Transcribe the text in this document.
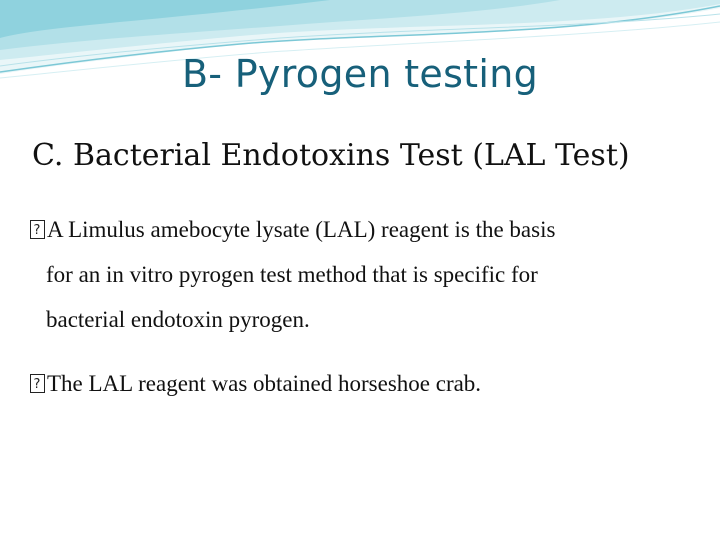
B- Pyrogen testing
C. Bacterial Endotoxins Test (LAL Test)
?A Limulus amebocyte lysate (LAL) reagent is the basis
for an in vitro pyrogen test method that is specific for
bacterial endotoxin pyrogen.
?The LAL reagent was obtained horseshoe crab.
